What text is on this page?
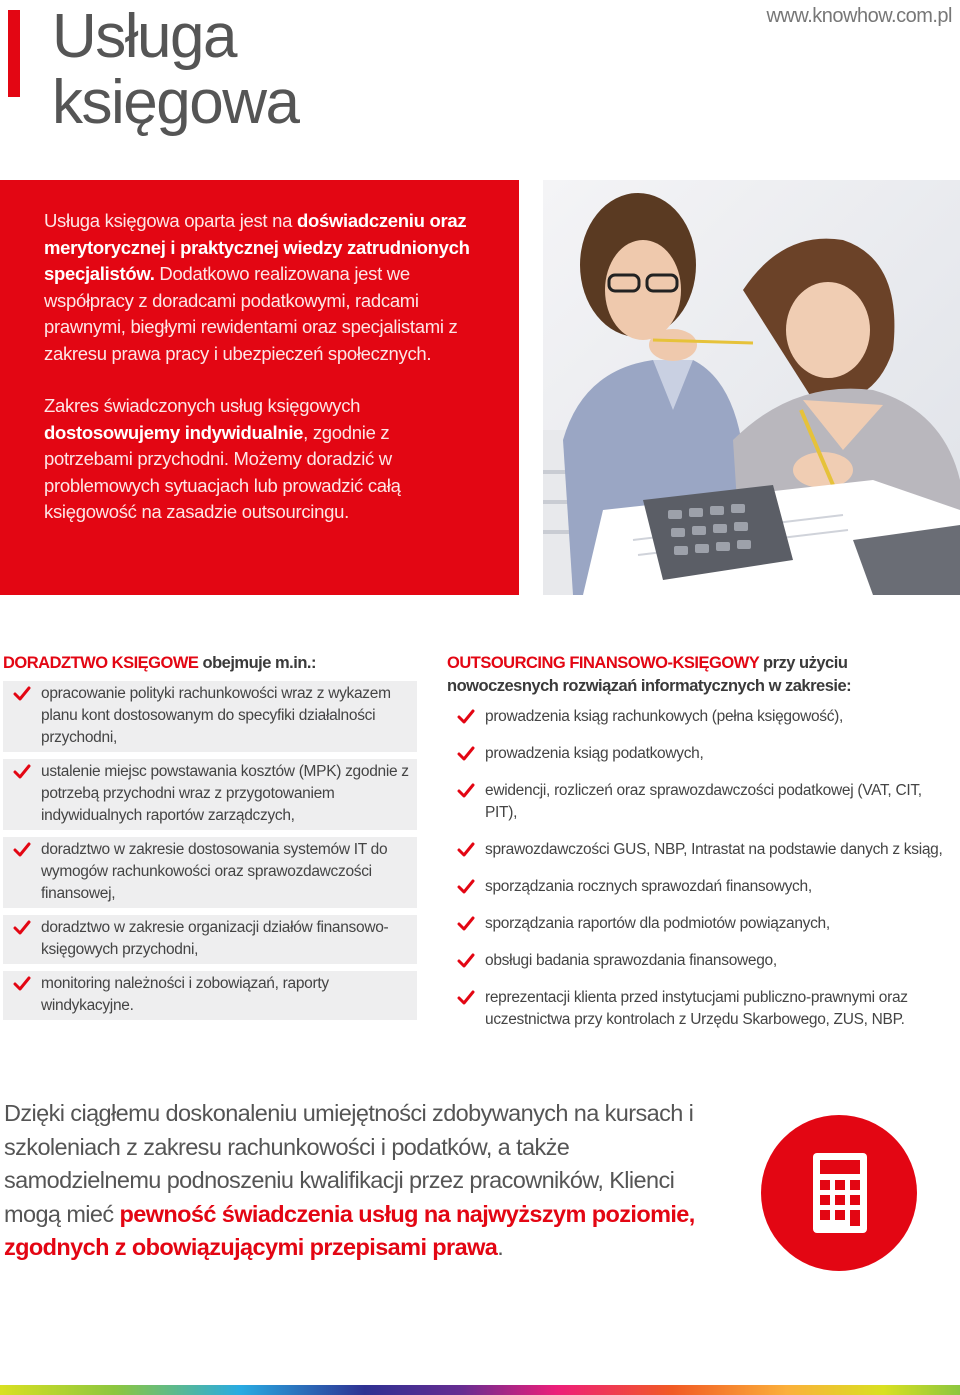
Usługa
księgowa
www.knowhow.com.pl

Usługa księgowa oparta jest na doświadczeniu oraz merytorycznej i praktycznej wiedzy zatrudnionych specjalistów. Dodatkowo realizowana jest we współpracy z doradcami podatkowymi, radcami prawnymi, biegłymi rewidentami oraz specjalistami z zakresu prawa pracy i ubezpieczeń społecznych.

Zakres świadczonych usług księgowych dostosowujemy indywidualnie, zgodnie z potrzebami przychodni. Możemy doradzić w problemowych sytuacjach lub prowadzić całą księgowość na zasadzie outsourcingu.

DORADZTWO KSIĘGOWE obejmuje m.in.:
opracowanie polityki rachunkowości wraz z wykazem planu kont dostosowanym do specyfiki działalności przychodni,
ustalenie miejsc powstawania kosztów (MPK) zgodnie z potrzebą przychodni wraz z przygotowaniem indywidualnych raportów zarządczych,
doradztwo w zakresie dostosowania systemów IT do wymogów rachunkowości oraz sprawozdawczości finansowej,
doradztwo w zakresie organizacji działów finansowo-księgowych przychodni,
monitoring należności i zobowiązań, raporty windykacyjne.
OUTSOURCING FINANSOWO-KSIĘGOWY przy użyciu nowoczesnych rozwiązań informatycznych w zakresie:
prowadzenia ksiąg rachunkowych (pełna księgowość),
prowadzenia ksiąg podatkowych,
ewidencji, rozliczeń oraz sprawozdawczości podatkowej (VAT, CIT, PIT),
sprawozdawczości GUS, NBP, Intrastat na podstawie danych z ksiąg,
sporządzania rocznych sprawozdań finansowych,
sporządzania raportów dla podmiotów powiązanych,
obsługi badania sprawozdania finansowego,
reprezentacji klienta przed instytucjami publiczno-prawnymi oraz uczestnictwa przy kontrolach z Urzędu Skarbowego, ZUS, NBP.

Dzięki ciągłemu doskonaleniu umiejętności zdobywanych na kursach i szkoleniach z zakresu rachunkowości i podatków, a także samodzielnemu podnoszeniu kwalifikacji przez pracowników, Klienci mogą mieć pewność świadczenia usług na najwyższym poziomie, zgodnych z obowiązującymi przepisami prawa.
